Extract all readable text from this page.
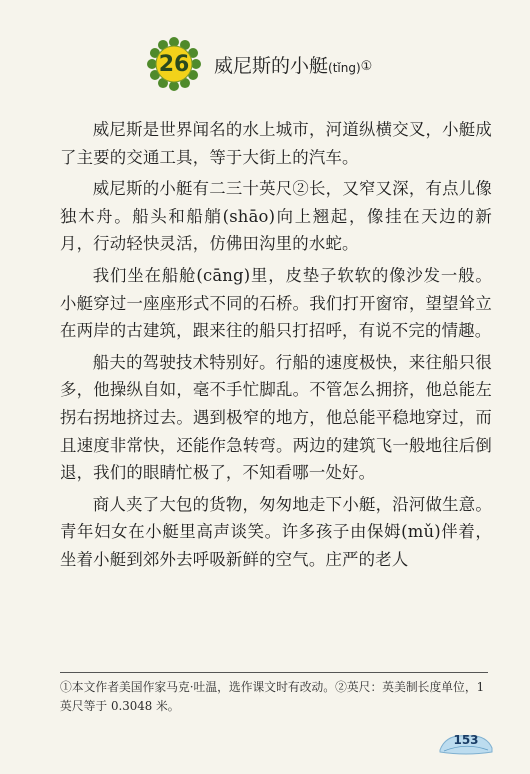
26	威尼斯的小艇(tǐng)①

威尼斯是世界闻名的水上城市，河道纵横交叉，小艇成了主要的交通工具，等于大街上的汽车。

威尼斯的小艇有二三十英尺②长，又窄又深，有点儿像独木舟。船头和船艄(shāo)向上翘起，像挂在天边的新月，行动轻快灵活，仿佛田沟里的水蛇。

我们坐在船舱(cāng)里，皮垫子软软的像沙发一般。小艇穿过一座座形式不同的石桥。我们打开窗帘，望望耸立在两岸的古建筑，跟来往的船只打招呼，有说不完的情趣。

船夫的驾驶技术特别好。行船的速度极快，来往船只很多，他操纵自如，毫不手忙脚乱。不管怎么拥挤，他总能左拐右拐地挤过去。遇到极窄的地方，他总能平稳地穿过，而且速度非常快，还能作急转弯。两边的建筑飞一般地往后倒退，我们的眼睛忙极了，不知看哪一处好。

商人夹了大包的货物，匆匆地走下小艇，沿河做生意。青年妇女在小艇里高声谈笑。许多孩子由保姆(mǔ)伴着，坐着小艇到郊外去呼吸新鲜的空气。庄严的老人

①本文作者美国作家马克·吐温，选作课文时有改动。②英尺：英美制长度单位，1英尺等于 0.3048 米。
153
